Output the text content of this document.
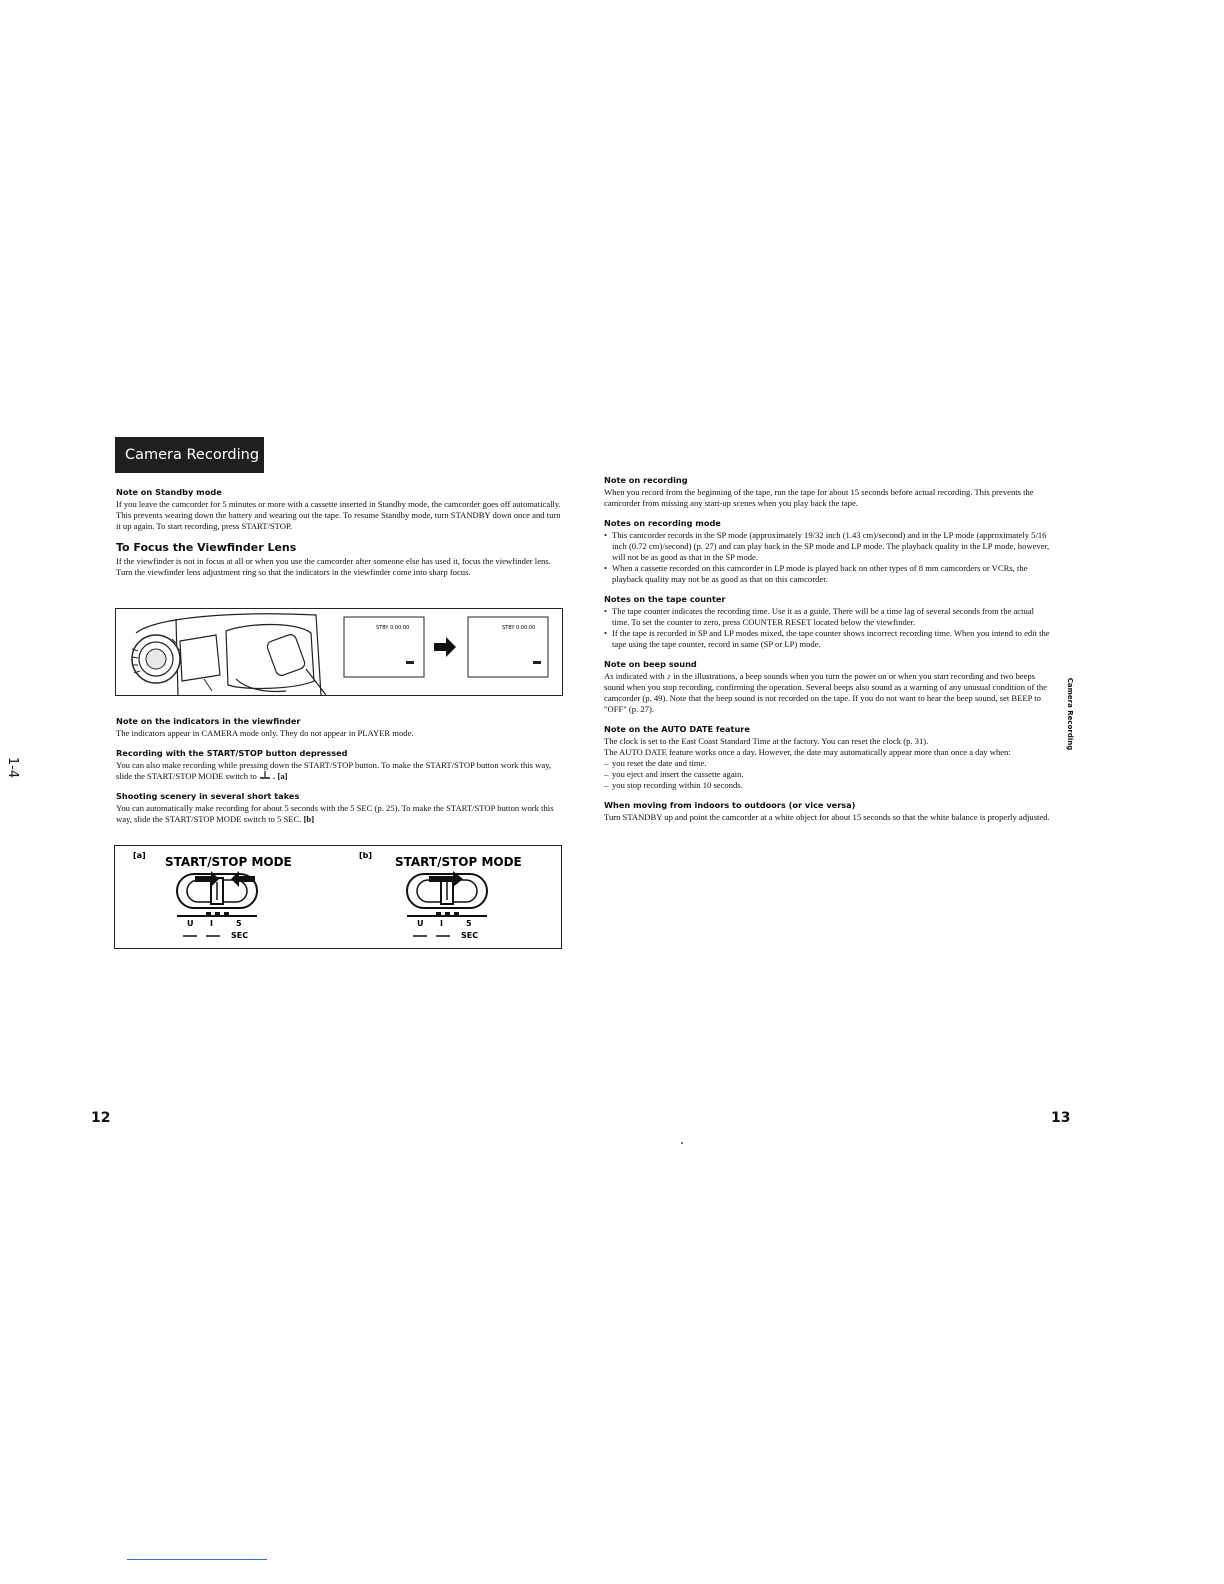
Camera Recording
Note on Standby mode

If you leave the camcorder for 5 minutes or more with a cassette inserted in Standby mode, the camcorder goes off automatically. This prevents wearing down the battery and wearing out the tape. To resume Standby mode, turn STANDBY down once and turn it up again. To start recording, press START/STOP.

To Focus the Viewfinder Lens

If the viewfinder is not in focus at all or when you use the camcorder after someone else has used it, focus the viewfinder lens. Turn the viewfinder lens adjustment ring so that the indicators in the viewfinder come into sharp focus.

STBY 0:00:00	STBY 0:00:00
Note on the indicators in the viewfinder

The indicators appear in CAMERA mode only. They do not appear in PLAYER mode.

Recording with the START/STOP button depressed

You can also make recording while pressing down the START/STOP button. To make the START/STOP button work this way, slide the START/STOP MODE switch to . [a]

Shooting scenery in several short takes

You can automatically make recording for about 5 seconds with the 5 SEC (p. 25). To make the START/STOP button work this way, slide the START/STOP MODE switch to 5 SEC. [b]

[a] START/STOP MODE
U I	5
SEC
[b] START/STOP MODE
U I	5
SEC
Note on recording

When you record from the beginning of the tape, run the tape for about 15 seconds before actual recording. This prevents the camcorder from missing any start-up scenes when you play back the tape.

Notes on recording mode
• This camcorder records in the SP mode (approximately 19/32 inch (1.43 cm)/second) and in the LP mode (approximately 5/16 inch (0.72 cm)/second) (p. 27) and can play back in the SP mode and LP mode. The playback quality in the LP mode, however, will not be as good as that in the SP mode.
• When a cassette recorded on this camcorder in LP mode is played back on other types of 8 mm camcorders or VCRs, the playback quality may not be as good as that on this camcorder.
Notes on the tape counter
• The tape counter indicates the recording time. Use it as a guide. There will be a time lag of several seconds from the actual time. To set the counter to zero, press COUNTER RESET located below the viewfinder.
• If the tape is recorded in SP and LP modes mixed, the tape counter shows incorrect recording time. When you intend to edit the tape using the tape counter, record in same (SP or LP) mode.
Note on beep sound

As indicated with ♪ in the illustrations, a beep sounds when you turn the power on or when you start recording and two beeps sound when you stop recording, confirming the operation. Several beeps also sound as a warning of any unusual condition of the camcorder (p. 49). Note that the beep sound is not recorded on the tape. If you do not want to hear the beep sound, set BEEP to "OFF" (p. 27).

Note on the AUTO DATE feature

The clock is set to the East Coast Standard Time at the factory. You can reset the clock (p. 31).

The AUTO DATE feature works once a day. However, the date may automatically appear more than once a day when:

– you reset the date and time.
– you eject and insert the cassette again.
– you stop recording within 10 seconds.
When moving from indoors to outdoors (or vice versa)

Turn STANDBY up and point the camcorder at a white object for about 15 seconds so that the white balance is properly adjusted.

1-4
Camera Recording
12	13
